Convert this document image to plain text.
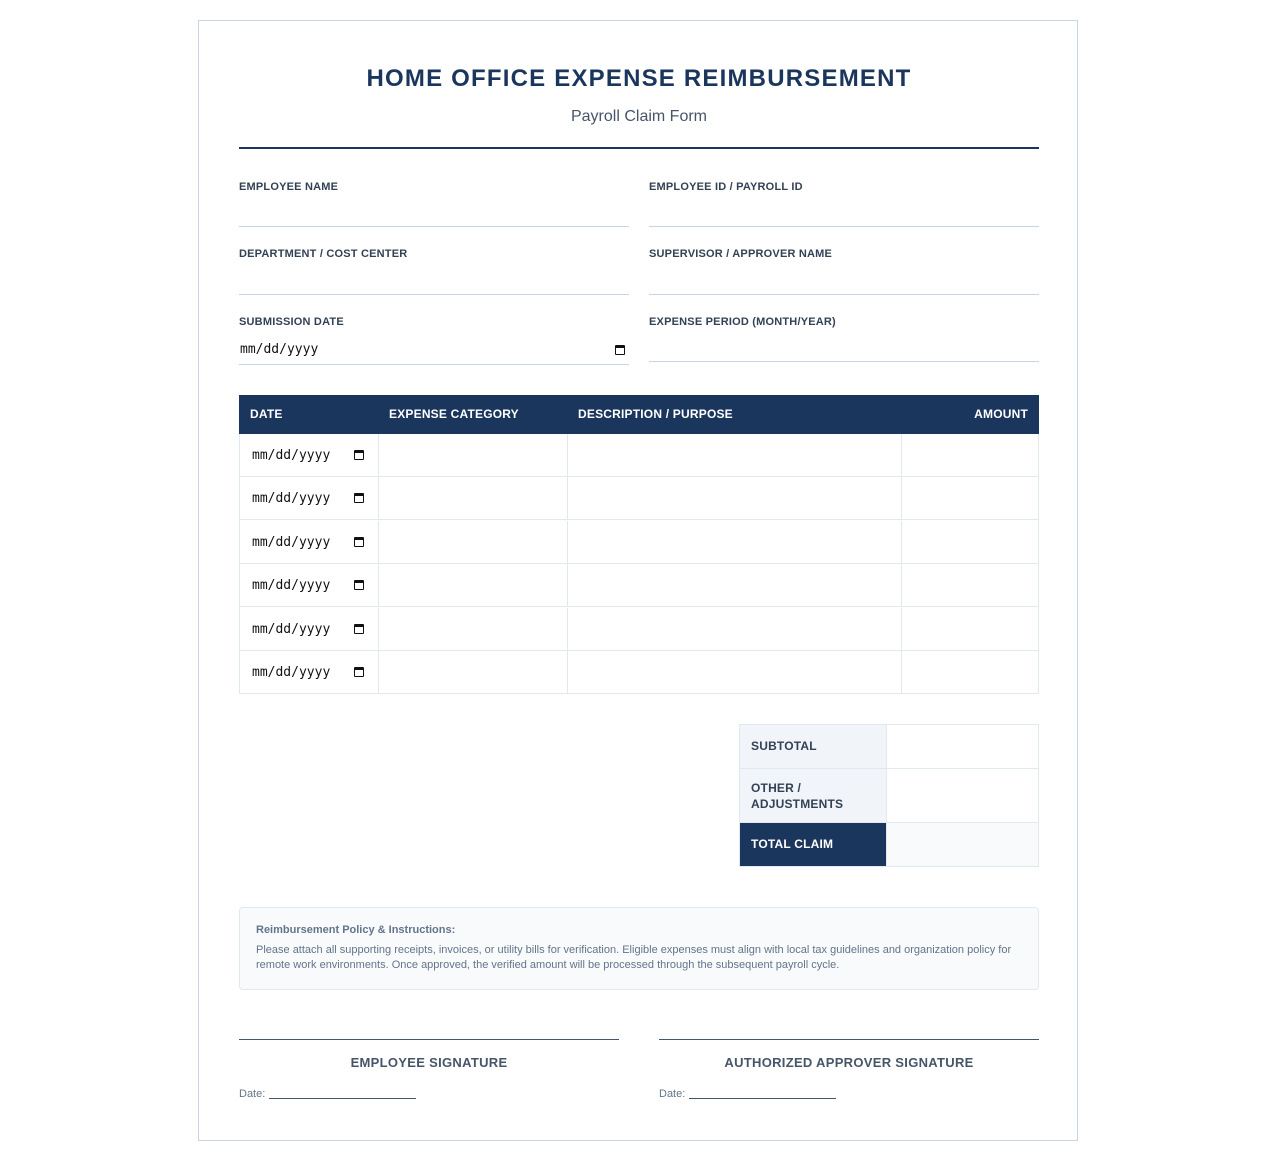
HOME OFFICE EXPENSE REIMBURSEMENT
Payroll Claim Form
EMPLOYEE NAME	EMPLOYEE ID / PAYROLL ID
DEPARTMENT / COST CENTER	SUPERVISOR / APPROVER NAME
SUBMISSION DATE
mm/dd/yyyy
EXPENSE PERIOD (MONTH/YEAR)
DATE	EXPENSE CATEGORY	DESCRIPTION / PURPOSE	AMOUNT
mm/dd/yyyy
mm/dd/yyyy
mm/dd/yyyy
mm/dd/yyyy
mm/dd/yyyy
mm/dd/yyyy
SUBTOTAL
OTHER /
ADJUSTMENTS
TOTAL CLAIM
Reimbursement Policy & Instructions:
Please attach all supporting receipts, invoices, or utility bills for verification. Eligible expenses must align with local tax guidelines and organization policy for
remote work environments. Once approved, the verified amount will be processed through the subsequent payroll cycle.
EMPLOYEE SIGNATURE
Date:
AUTHORIZED APPROVER SIGNATURE
Date:
